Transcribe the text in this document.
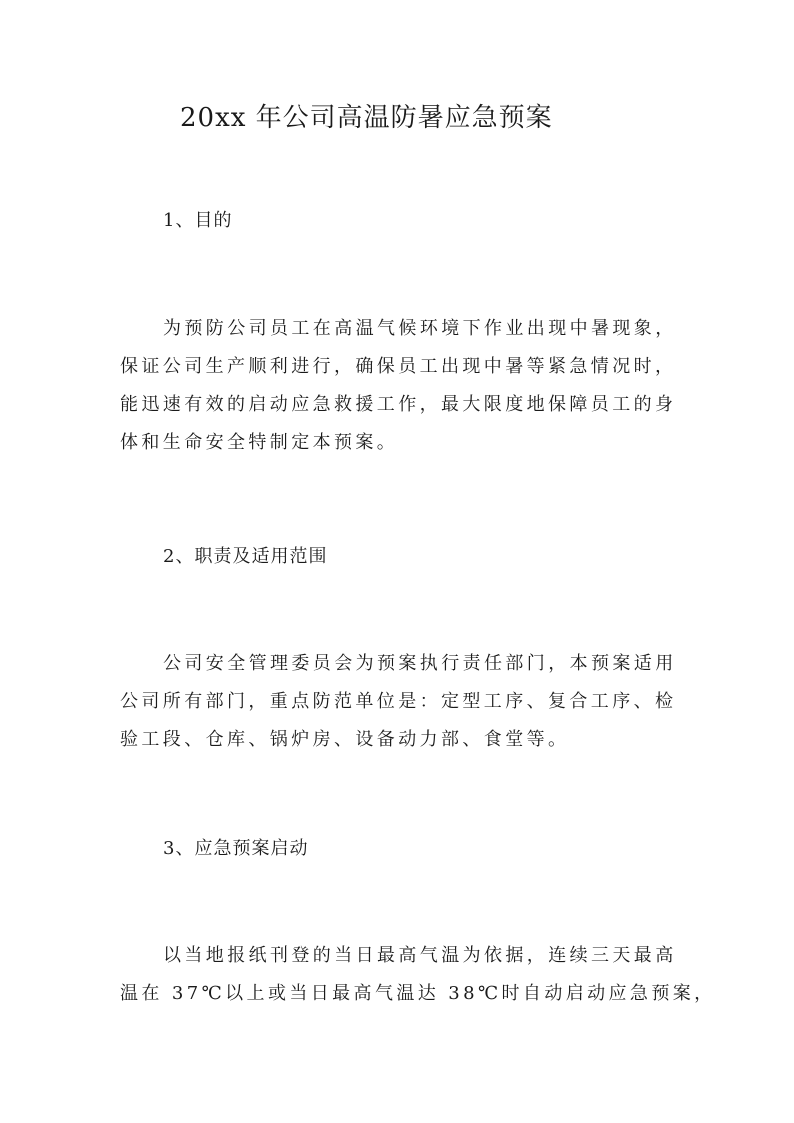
20xx 年公司高温防暑应急预案
1、目的
为预防公司员工在高温气候环境下作业出现中暑现象，
保证公司生产顺利进行，确保员工出现中暑等紧急情况时，
能迅速有效的启动应急救援工作，最大限度地保障员工的身
体和生命安全特制定本预案。
2、职责及适用范围
公司安全管理委员会为预案执行责任部门，本预案适用
公司所有部门，重点防范单位是：定型工序、复合工序、检
验工段、仓库、锅炉房、设备动力部、食堂等。
3、应急预案启动
以当地报纸刊登的当日最高气温为依据，连续三天最高
温在 37℃以上或当日最高气温达 38℃时自动启动应急预案，
